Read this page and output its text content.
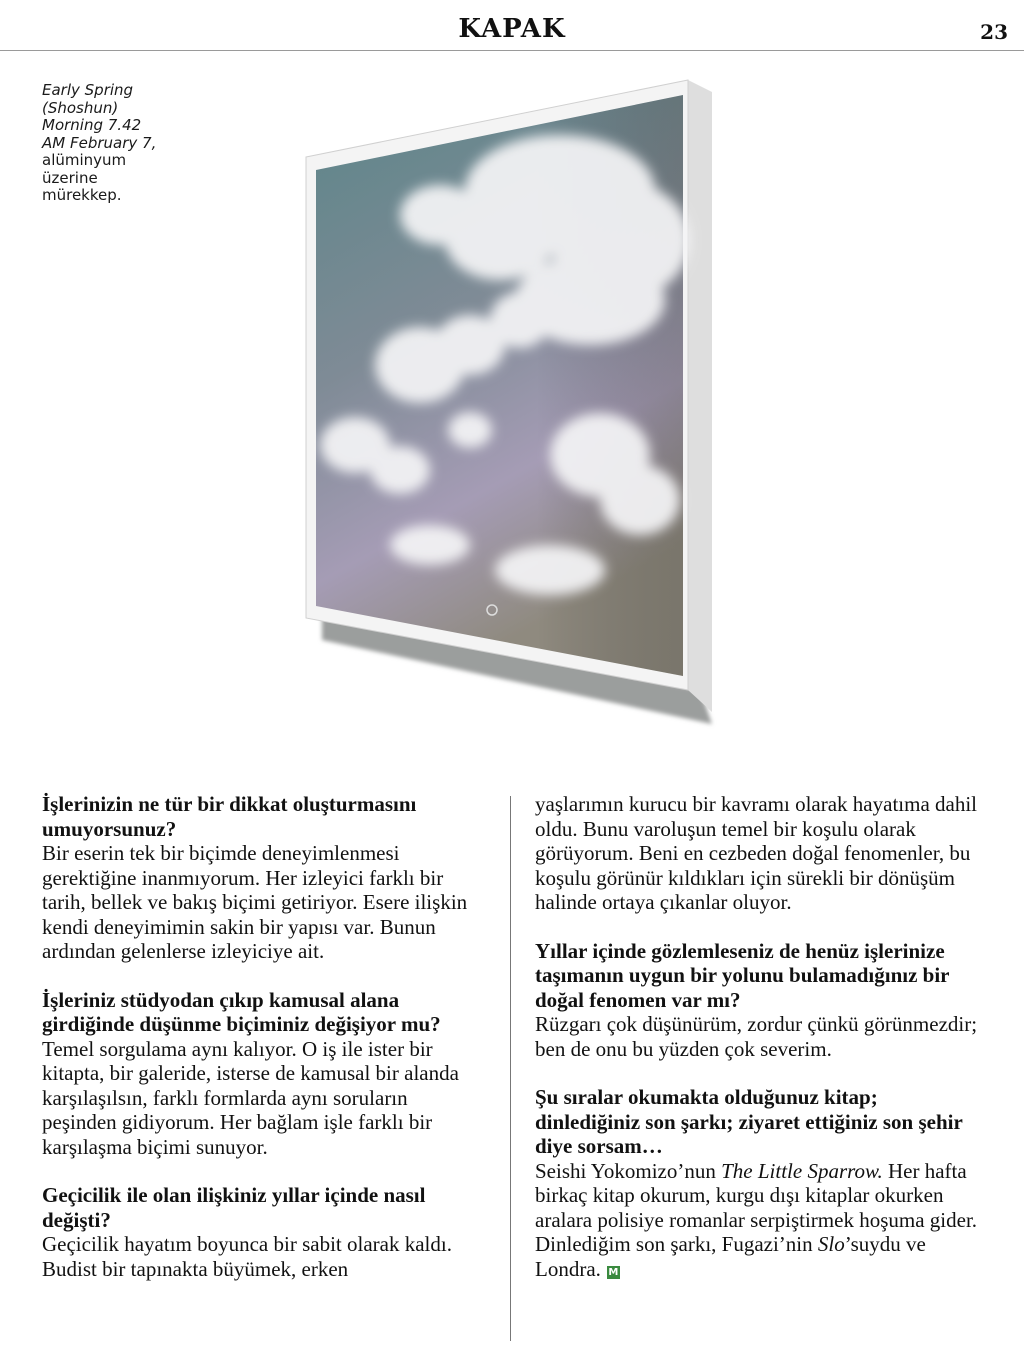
KAPAK	23
Early Spring
(Shoshun)
Morning 7.42
AM February 7,
alüminyum
üzerine
mürekkep.

İşlerinizin ne tür bir dikkat oluşturmasını umuyorsunuz?

Bir eserin tek bir biçimde deneyimlenmesi gerektiğine inanmıyorum. Her izleyici farklı bir tarih, bellek ve bakış biçimi getiriyor. Esere ilişkin kendi deneyimimin sakin bir yapısı var. Bunun ardından gelenlerse izleyiciye ait.

İşleriniz stüdyodan çıkıp kamusal alana girdiğinde düşünme biçiminiz değişiyor mu?

Temel sorgulama aynı kalıyor. O iş ile ister bir kitapta, bir galeride, isterse de kamusal bir alanda karşılaşılsın, farklı formlarda aynı soruların peşinden gidiyorum. Her bağlam işle farklı bir karşılaşma biçimi sunuyor.

Geçicilik ile olan ilişkiniz yıllar içinde nasıl değişti?

Geçicilik hayatım boyunca bir sabit olarak kaldı. Budist bir tapınakta büyümek, erken

yaşlarımın kurucu bir kavramı olarak hayatıma dahil oldu. Bunu varoluşun temel bir koşulu olarak görüyorum. Beni en cezbeden doğal fenomenler, bu koşulu görünür kıldıkları için sürekli bir dönüşüm halinde ortaya çıkanlar oluyor.

Yıllar içinde gözlemleseniz de henüz işlerinize taşımanın uygun bir yolunu bulamadığınız bir doğal fenomen var mı?

Rüzgarı çok düşünürüm, zordur çünkü görünmezdir; ben de onu bu yüzden çok severim.

Şu sıralar okumakta olduğunuz kitap; dinlediğiniz son şarkı; ziyaret ettiğiniz son şehir diye sorsam…

Seishi Yokomizo’nun The Little Sparrow. Her hafta birkaç kitap okurum, kurgu dışı kitaplar okurken aralara polisiye romanlar serpiştirmek hoşuma gider. Dinlediğim son şarkı, Fugazi’nin Slo’suydu ve Londra. M
